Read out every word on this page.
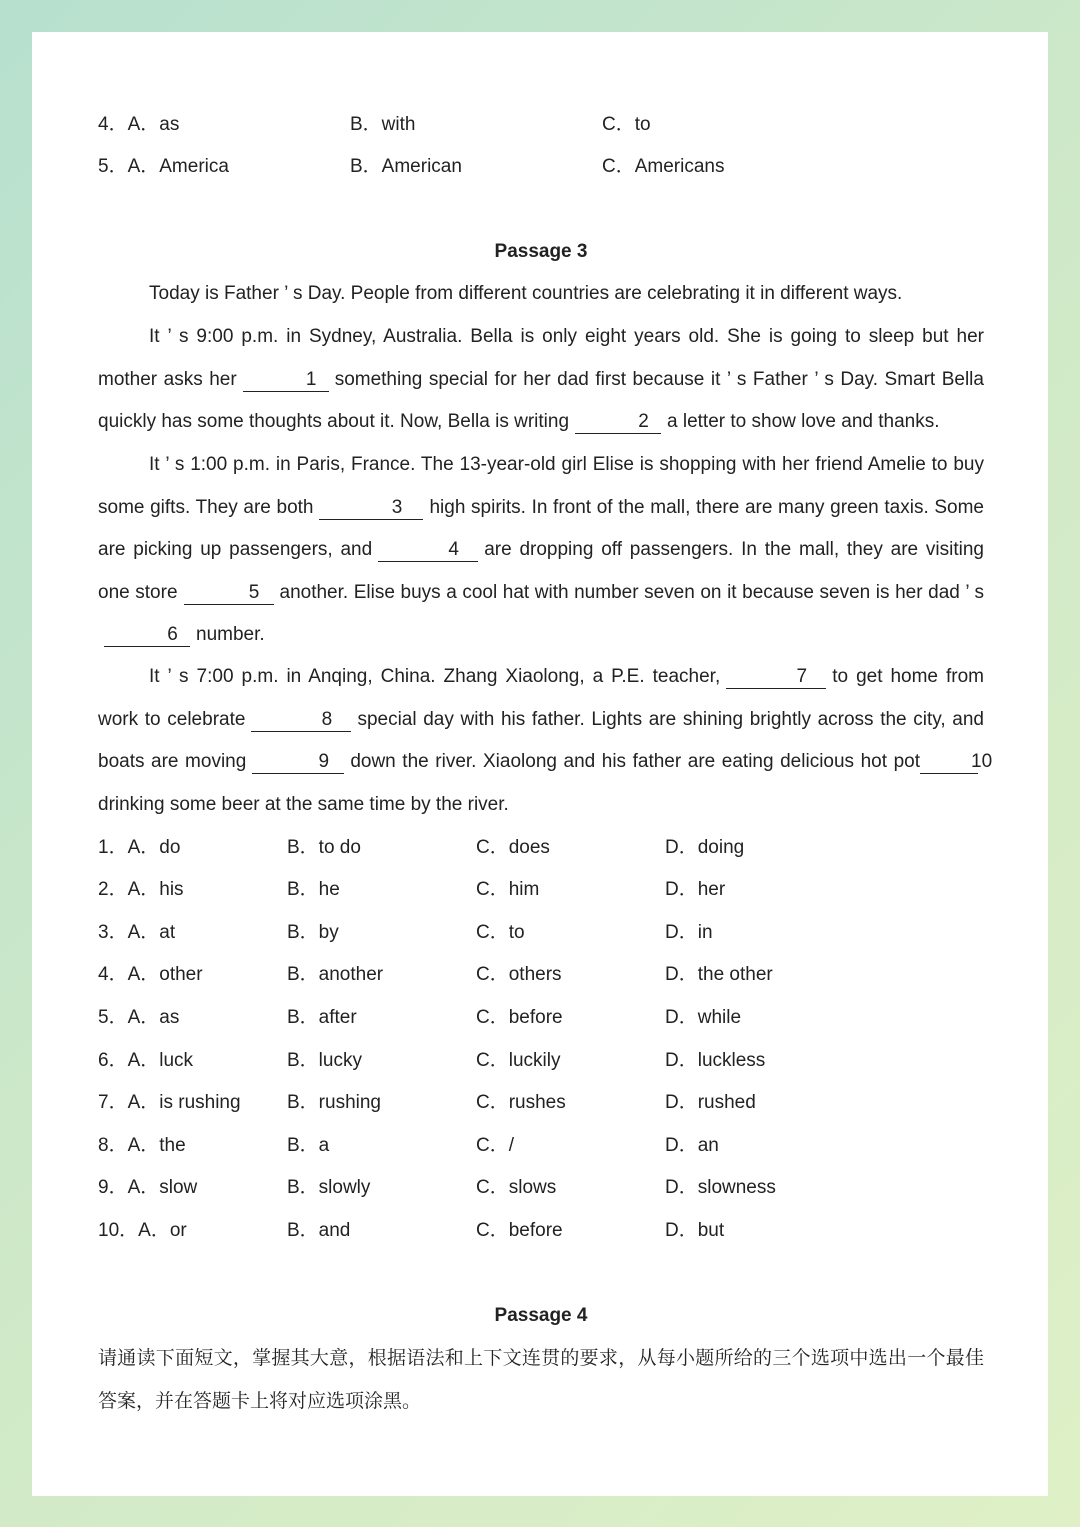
4．A．as	B．with	C．to
5．A．America	B．American	C．Americans
Passage 3
Today is Father ’ s Day. People from different countries are celebrating it in different ways.
It ’ s 9:00 p.m. in Sydney, Australia. Bella is only eight years old. She is going to sleep but her mother asks her	1 something special for her dad first because it ’ s Father ’ s Day. Smart Bella quickly has some thoughts about it. Now, Bella is writing	2 a letter to show love and thanks.
It ’ s 1:00 p.m. in Paris, France. The 13-year-old girl Elise is shopping with her friend Amelie to buy some gifts. They are both	3 high spirits. In front of the mall, there are many green taxis. Some are picking up passengers, and	4 are dropping off passengers. In the mall, they are visiting one store	5 another. Elise buys a cool hat with number seven on it because seven is her dad ’ s6 number.
It ’ s 7:00 p.m. in Anqing, China. Zhang Xiaolong, a P.E. teacher,	7 to get home from work to celebrate	8 special day with his father. Lights are shining brightly across the city, and boats are moving	9 down the river. Xiaolong and his father are eating delicious hot pot	10drinking some beer at the same time by the river.
1．A．do	B．to do	C．does	D．doing
2．A．his	B．he	C．him	D．her
3．A．at	B．by	C．to	D．in
4．A．other	B．another	C．others	D．the other
5．A．as	B．after	C．before	D．while
6．A．luck	B．lucky	C．luckily	D．luckless
7．A．is rushing B．rushing	C．rushes	D．rushed
8．A．the	B．a	C．/	D．an
9．A．slow	B．slowly	C．slows	D．slowness
10．A．or	B．and	C．before	D．but
Passage 4
请通读下面短文，掌握其大意，根据语法和上下文连贯的要求，从每小题所给的三个选项中选出一个最佳答案，并在答题卡上将对应选项涂黑。
